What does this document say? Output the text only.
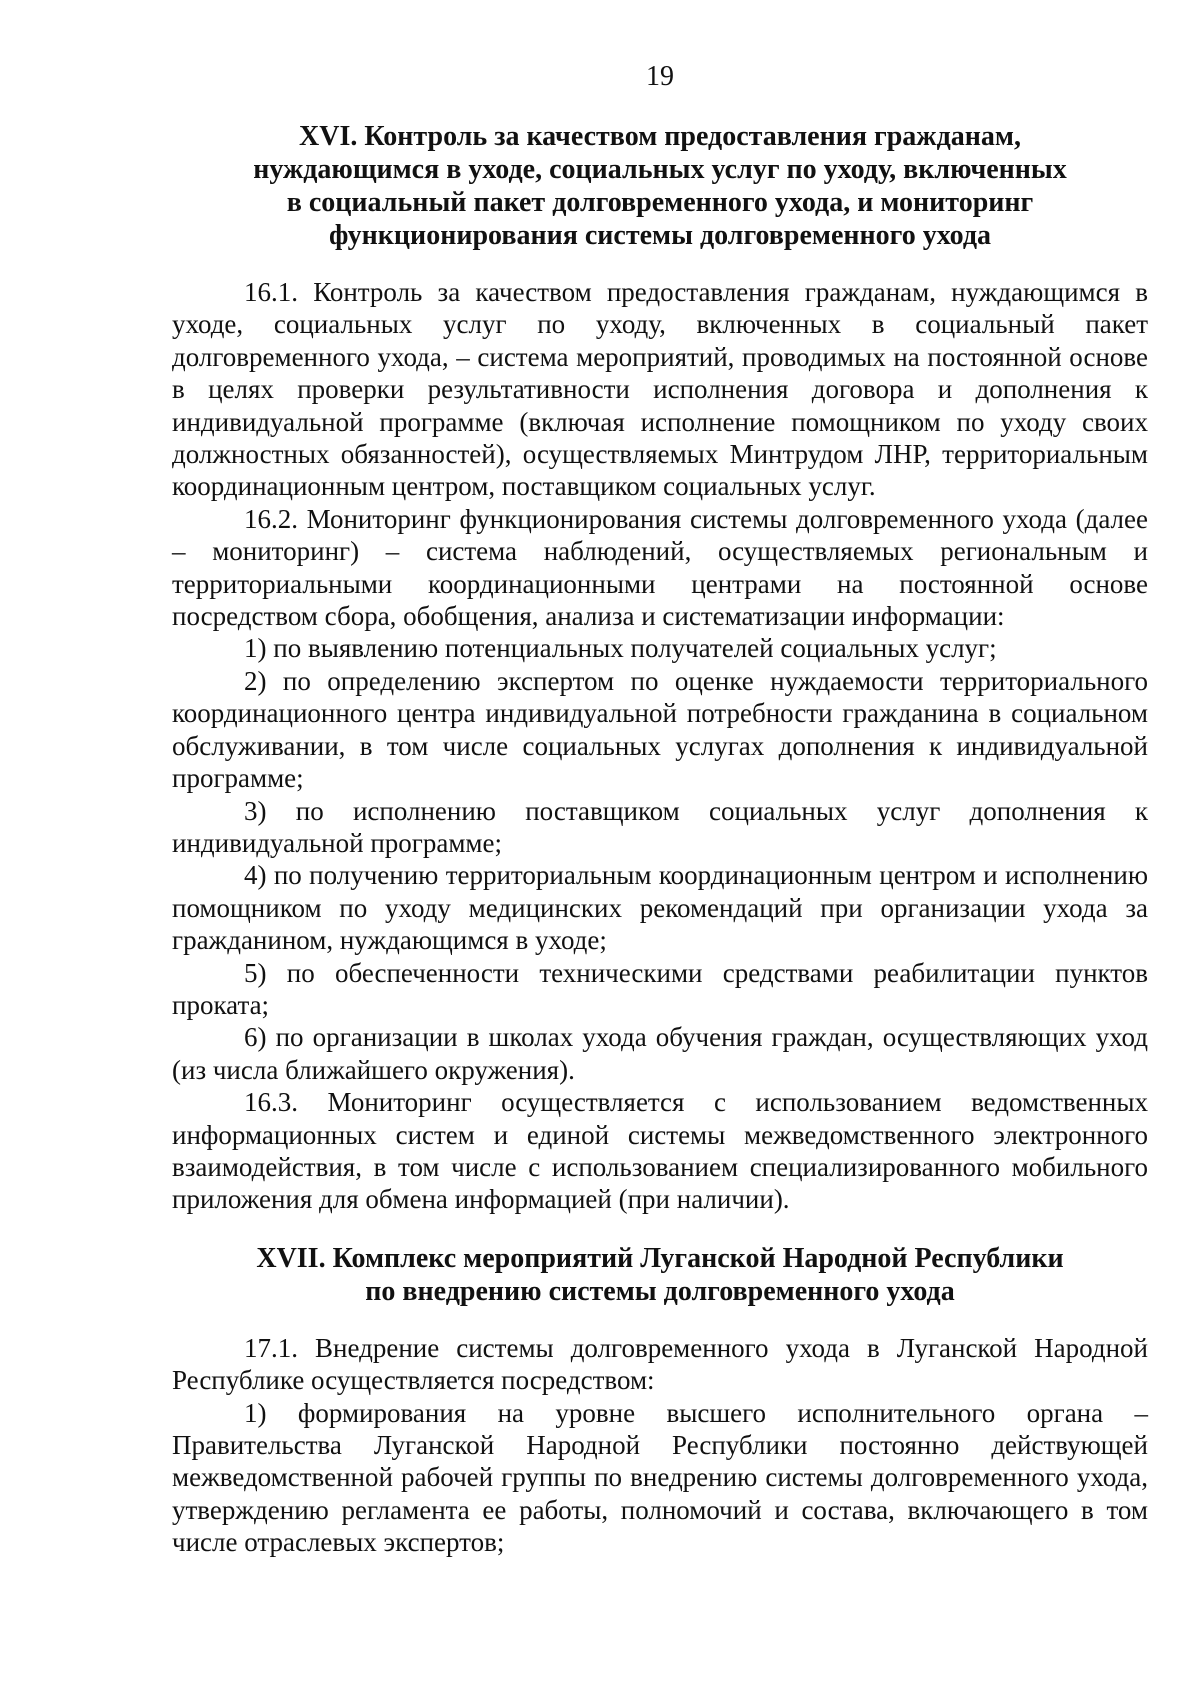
19
XVI. Контроль за качеством предоставления гражданам,
нуждающимся в уходе, социальных услуг по уходу, включенных
в социальный пакет долговременного ухода, и мониторинг
функционирования системы долговременного ухода

16.1. Контроль за качеством предоставления гражданам, нуждающимся в уходе, социальных услуг по уходу, включенных в социальный пакет долговременного ухода, – система мероприятий, проводимых на постоянной основе в целях проверки результативности исполнения договора и дополнения к индивидуальной программе (включая исполнение помощником по уходу своих должностных обязанностей), осуществляемых Минтрудом ЛНР, территориальным координационным центром, поставщиком социальных услуг.

16.2. Мониторинг функционирования системы долговременного ухода (далее – мониторинг) – система наблюдений, осуществляемых региональным и территориальными координационными центрами на постоянной основе посредством сбора, обобщения, анализа и систематизации информации:

1) по выявлению потенциальных получателей социальных услуг;

2) по определению экспертом по оценке нуждаемости территориального координационного центра индивидуальной потребности гражданина в социальном обслуживании, в том числе социальных услугах дополнения к индивидуальной программе;

3) по исполнению поставщиком социальных услуг дополнения к индивидуальной программе;

4) по получению территориальным координационным центром и исполнению помощником по уходу медицинских рекомендаций при организации ухода за гражданином, нуждающимся в уходе;

5) по обеспеченности техническими средствами реабилитации пунктов проката;

6) по организации в школах ухода обучения граждан, осуществляющих уход (из числа ближайшего окружения).

16.3. Мониторинг осуществляется с использованием ведомственных информационных систем и единой системы межведомственного электронного взаимодействия, в том числе с использованием специализированного мобильного приложения для обмена информацией (при наличии).

XVII. Комплекс мероприятий Луганской Народной Республики
по внедрению системы долговременного ухода

17.1. Внедрение системы долговременного ухода в Луганской Народной Республике осуществляется посредством:

1) формирования на уровне высшего исполнительного органа – Правительства Луганской Народной Республики постоянно действующей межведомственной рабочей группы по внедрению системы долговременного ухода, утверждению регламента ее работы, полномочий и состава, включающего в том числе отраслевых экспертов;
